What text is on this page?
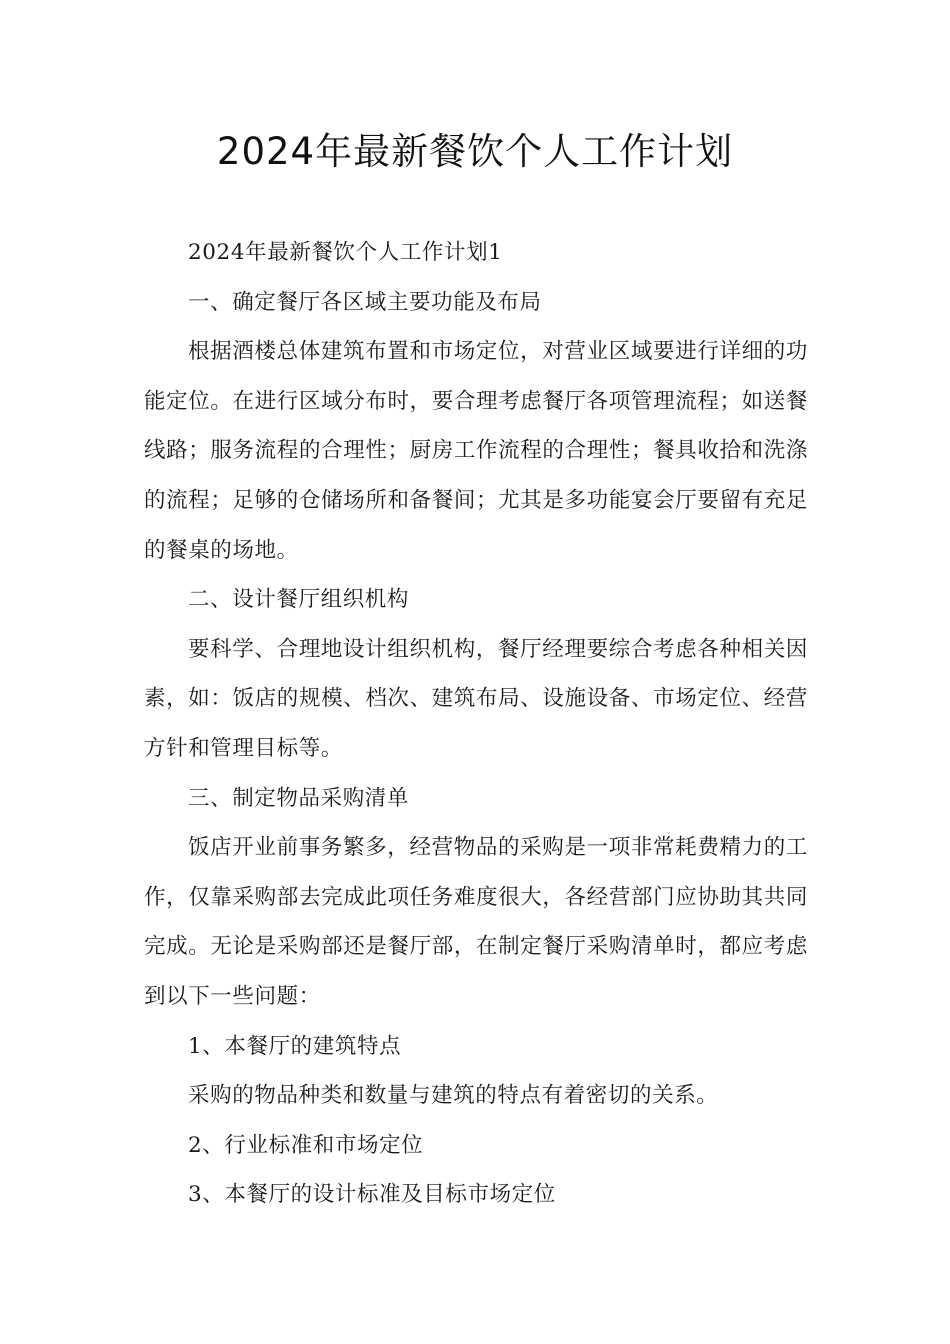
2024年最新餐饮个人工作计划

2024年最新餐饮个人工作计划1

一、确定餐厅各区域主要功能及布局

根据酒楼总体建筑布置和市场定位，对营业区域要进行详细的功能定位。在进行区域分布时，要合理考虑餐厅各项管理流程；如送餐线路；服务流程的合理性；厨房工作流程的合理性；餐具收拾和洗涤的流程；足够的仓储场所和备餐间；尤其是多功能宴会厅要留有充足的餐桌的场地。

二、设计餐厅组织机构

要科学、合理地设计组织机构，餐厅经理要综合考虑各种相关因素，如：饭店的规模、档次、建筑布局、设施设备、市场定位、经营方针和管理目标等。

三、制定物品采购清单

饭店开业前事务繁多，经营物品的采购是一项非常耗费精力的工作，仅靠采购部去完成此项任务难度很大，各经营部门应协助其共同完成。无论是采购部还是餐厅部，在制定餐厅采购清单时，都应考虑到以下一些问题：

1、本餐厅的建筑特点

采购的物品种类和数量与建筑的特点有着密切的关系。

2、行业标准和市场定位

3、本餐厅的设计标准及目标市场定位
